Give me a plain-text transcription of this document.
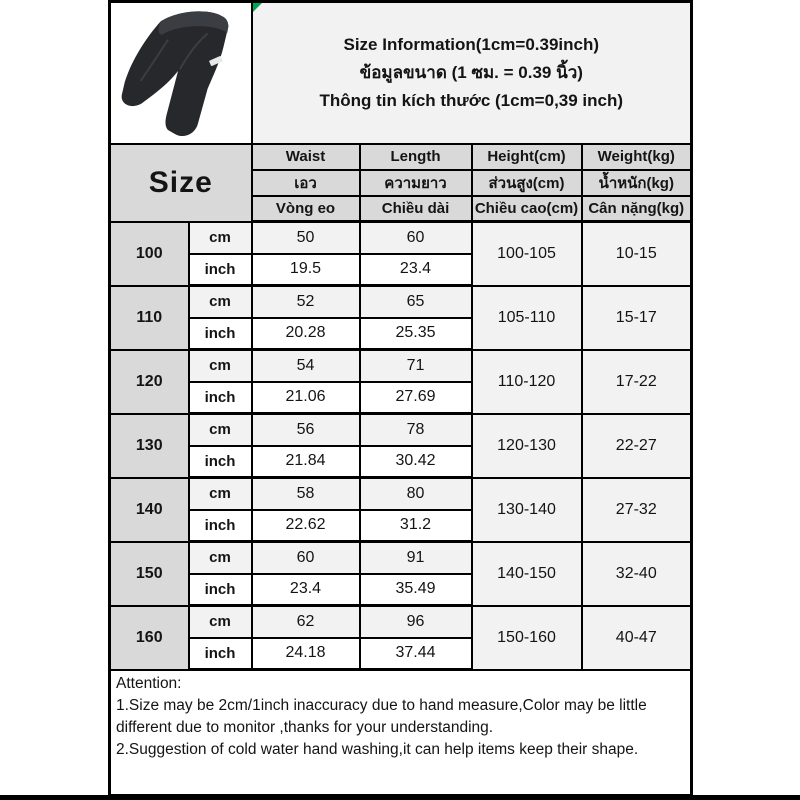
Size Information(1cm=0.39inch)
ข้อมูลขนาด (1 ซม. = 0.39 นิ้ว)
Thông tin kích thước (1cm=0,39 inch)			

Size		Waist	Length	Height(cm)	Weight(kg)
		เอว	ความยาว	ส่วนสูง(cm)	น้ำหนัก(kg)
		Vòng eo	Chiều dài	Chiều cao(cm)	Cân nặng(kg)
100	cm	50	60	100-105	10-15
	inch	19.5	23.4		
110	cm	52	65	105-110	15-17
	inch	20.28	25.35		
120	cm	54	71	110-120	17-22
	inch	21.06	27.69		
130	cm	56	78	120-130	22-27
	inch	21.84	30.42		
140	cm	58	80	130-140	27-32
	inch	22.62	31.2		
150	cm	60	91	140-150	32-40
	inch	23.4	35.49		
160	cm	62	96	150-160	40-47
	inch	24.18	37.44		

Attention:
1.Size may be 2cm/1inch inaccuracy due to hand measure,Color may be little different due to monitor ,thanks for your understanding.
2.Suggestion of cold water hand washing,it can help items keep their shape.					
